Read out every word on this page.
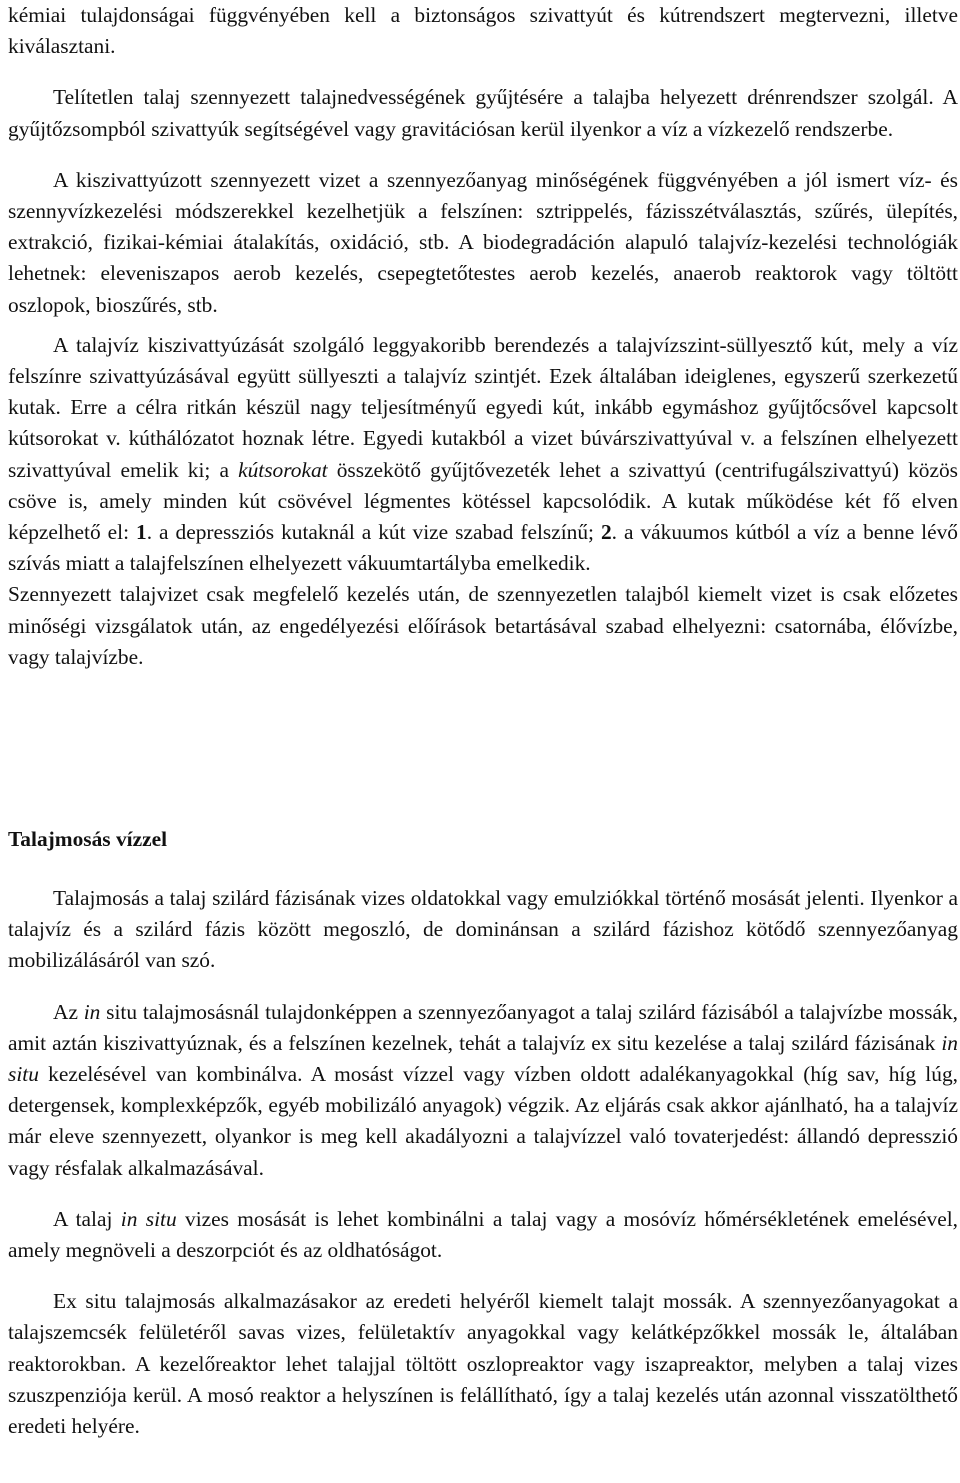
kémiai tulajdonságai függvényében kell a biztonságos szivattyút és kútrendszert megtervezni, illetve kiválasztani.

Telítetlen talaj szennyezett talajnedvességének gyűjtésére a talajba helyezett drénrendszer szolgál. A gyűjtőzsompból szivattyúk segítségével vagy gravitációsan kerül ilyenkor a víz a vízkezelő rendszerbe.

A kiszivattyúzott szennyezett vizet a szennyezőanyag minőségének függvényében a jól ismert víz- és szennyvízkezelési módszerekkel kezelhetjük a felszínen: sztrippelés, fázisszétválasztás, szűrés, ülepítés, extrakció, fizikai-kémiai átalakítás, oxidáció, stb. A biodegradáción alapuló talajvíz-kezelési technológiák lehetnek: eleveniszapos aerob kezelés, csepegtetőtestes aerob kezelés, anaerob reaktorok vagy töltött oszlopok, bioszűrés, stb.

A talajvíz kiszivattyúzását szolgáló leggyakoribb berendezés a talajvízszint-süllyesztő kút, mely a víz felszínre szivattyúzásával együtt süllyeszti a talajvíz szintjét. Ezek általában ideiglenes, egyszerű szerkezetű kutak. Erre a célra ritkán készül nagy teljesítményű egyedi kút, inkább egymáshoz gyűjtőcsővel kapcsolt kútsorokat v. kúthálózatot hoznak létre. Egyedi kutakból a vizet búvárszivattyúval v. a felszínen elhelyezett szivattyúval emelik ki; a kútsorokat összekötő gyűjtővezeték lehet a szivattyú (centrifugálszivattyú) közös csöve is, amely minden kút csövével légmentes kötéssel kapcsolódik. A kutak működése két fő elven képzelhető el: 1. a depressziós kutaknál a kút vize szabad felszínű; 2. a vákuumos kútból a víz a benne lévő szívás miatt a talajfelszínen elhelyezett vákuumtartályba emelkedik.

Szennyezett talajvizet csak megfelelő kezelés után, de szennyezetlen talajból kiemelt vizet is csak előzetes minőségi vizsgálatok után, az engedélyezési előírások betartásával szabad elhelyezni: csatornába, élővízbe, vagy talajvízbe.

Talajmosás vízzel

Talajmosás a talaj szilárd fázisának vizes oldatokkal vagy emulziókkal történő mosását jelenti. Ilyenkor a talajvíz és a szilárd fázis között megoszló, de dominánsan a szilárd fázishoz kötődő szennyezőanyag mobilizálásáról van szó.

Az in situ talajmosásnál tulajdonképpen a szennyezőanyagot a talaj szilárd fázisából a talajvízbe mossák, amit aztán kiszivattyúznak, és a felszínen kezelnek, tehát a talajvíz ex situ kezelése a talaj szilárd fázisának in situ kezelésével van kombinálva. A mosást vízzel vagy vízben oldott adalékanyagokkal (híg sav, híg lúg, detergensek, komplexképzők, egyéb mobilizáló anyagok) végzik. Az eljárás csak akkor ajánlható, ha a talajvíz már eleve szennyezett, olyankor is meg kell akadályozni a talajvízzel való tovaterjedést: állandó depresszió vagy résfalak alkalmazásával.

A talaj in situ vizes mosását is lehet kombinálni a talaj vagy a mosóvíz hőmérsékletének emelésével, amely megnöveli a deszorpciót és az oldhatóságot.

Ex situ talajmosás alkalmazásakor az eredeti helyéről kiemelt talajt mossák. A szennyezőanyagokat a talajszemcsék felületéről savas vizes, felületaktív anyagokkal vagy kelátképzőkkel mossák le, általában reaktorokban. A kezelőreaktor lehet talajjal töltött oszlopreaktor vagy iszapreaktor, melyben a talaj vizes szuszpenziója kerül. A mosó reaktor a helyszínen is felállítható, így a talaj kezelés után azonnal visszatölthető eredeti helyére.
